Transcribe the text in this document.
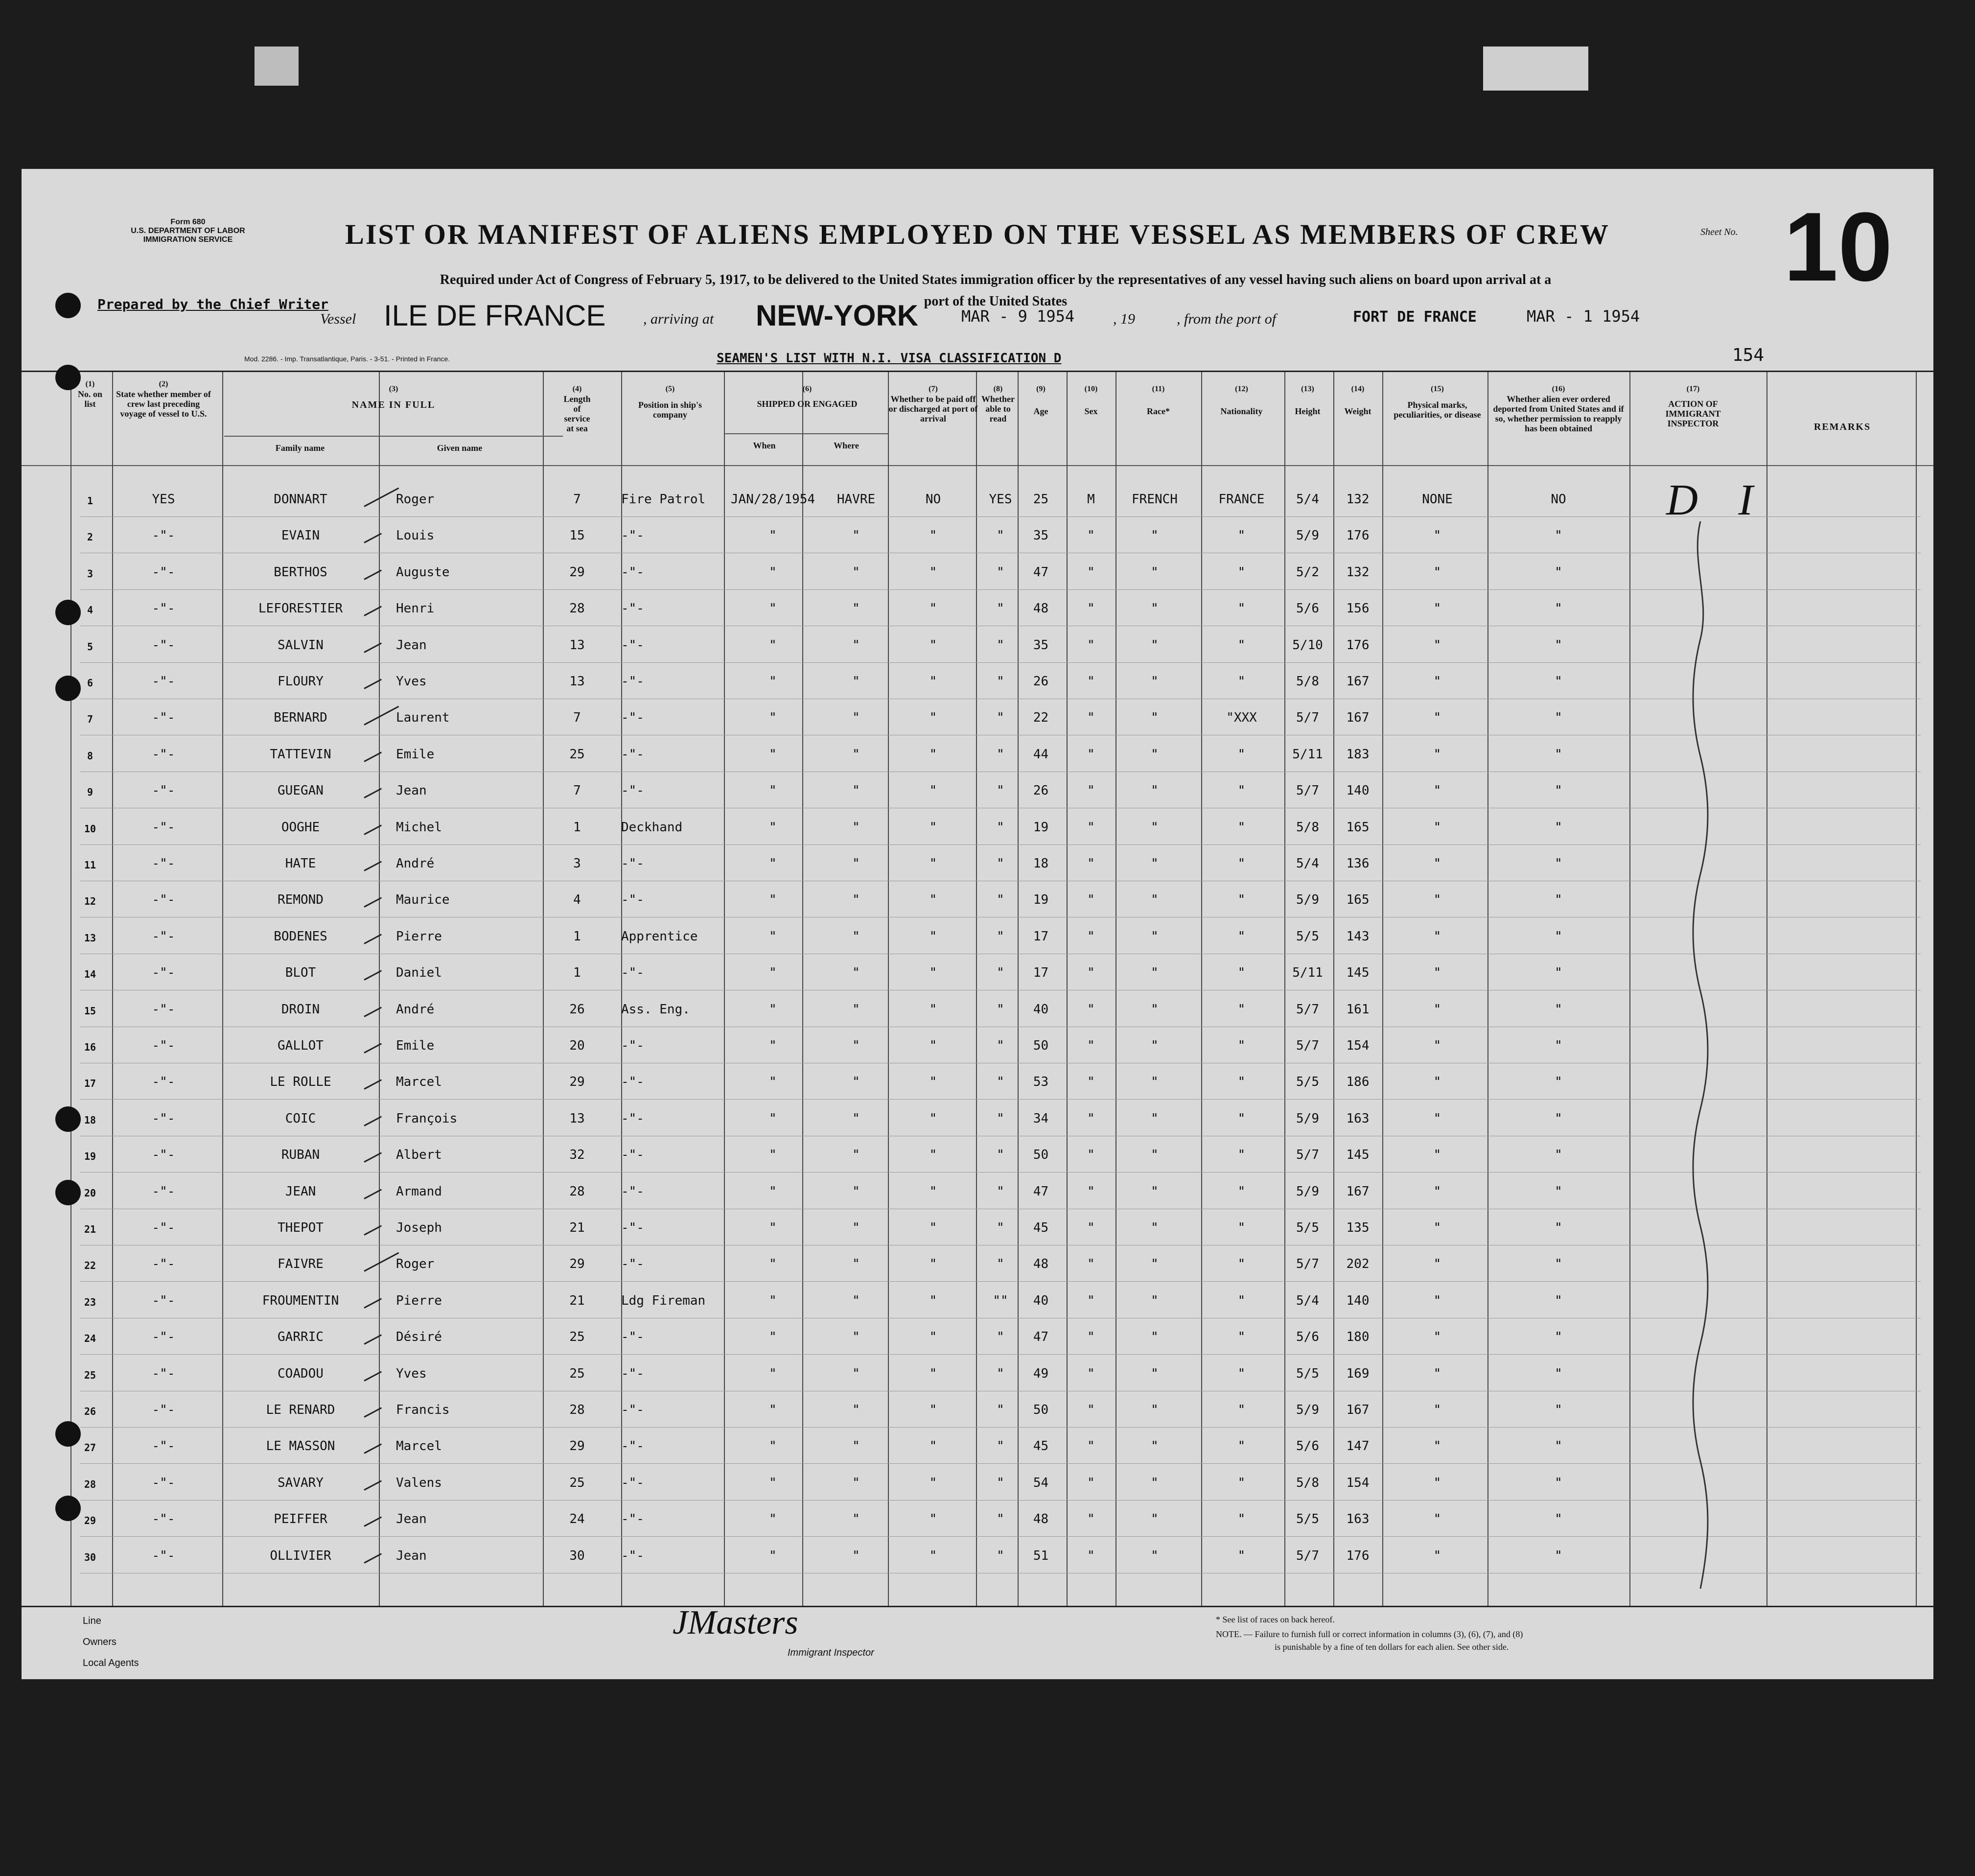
Form 680
U.S. DEPARTMENT OF LABOR
IMMIGRATION SERVICE	LIST OR MANIFEST OF ALIENS EMPLOYED ON THE VESSEL AS MEMBERS OF CREW	Sheet No. 10
Required under Act of Congress of February 5, 1917, to be delivered to the United States immigration officer by the representatives of any vessel having such aliens on board upon arrival at a
port of the United States
Prepared by the Chief Writer
Vessel ILE DE FRANCE	, arriving at NEW-YORK	MAR - 9 1954	, 19	, from the port of	FORT DE FRANCE	MAR - 1 1954
154
Mod. 2286. - Imp. Transatlantique, Paris. - 3-51. - Printed in France.	SEAMEN'S LIST WITH N.I. VISA CLASSIFICATION D
(1)
No. on list
(2)
State whether member of crew last preceding voyage of vessel to U.S.
(3)
NAME IN FULL
Family name	Given name
(4)
Length of service at sea
(5)
Position in ship's company
(6)
SHIPPED OR ENGAGED
When	Where
(7)
Whether to be paid off or discharged at port of arrival
(8)
Whether able to read
(9)
Age
(10)
Sex
(11)
Race*
(12)
Nationality
(13)
Height
(14)
Weight
(15)
Physical marks, peculiarities, or disease
(16)
Whether alien ever ordered deported from United States and if so, whether permission to reapply has been obtained
(17)
ACTION OF IMMIGRANT INSPECTOR	REMARKS
1	YES	DONNART	Roger	7	Fire Patrol	JAN/28/1954	HAVRE	NO	YES	25	M	FRENCH	FRANCE	5/4	132	NONE	NO
2	-"-	EVAIN	Louis	15	-"-	"	"	"	"	35	"	"	"	5/9	176	"	"
3	-"-	BERTHOS	Auguste	29	-"-	"	"	"	"	47	"	"	"	5/2	132	"	"
4	-"-	LEFORESTIER	Henri	28	-"-	"	"	"	"	48	"	"	"	5/6	156	"	"
5	-"-	SALVIN	Jean	13	-"-	"	"	"	"	35	"	"	"	5/10	176	"	"
6	-"-	FLOURY	Yves	13	-"-	"	"	"	"	26	"	"	"	5/8	167	"	"
7	-"-	BERNARD	Laurent	7	-"-	"	"	"	"	22	"	"	"XXX	5/7	167	"	"
8	-"-	TATTEVIN	Emile	25	-"-	"	"	"	"	44	"	"	"	5/11	183	"	"
9	-"-	GUEGAN	Jean	7	-"-	"	"	"	"	26	"	"	"	5/7	140	"	"
10	-"-	OOGHE	Michel	1	Deckhand	"	"	"	"	19	"	"	"	5/8	165	"	"
11	-"-	HATE	André	3	-"-	"	"	"	"	18	"	"	"	5/4	136	"	"
12	-"-	REMOND	Maurice	4	-"-	"	"	"	"	19	"	"	"	5/9	165	"	"
13	-"-	BODENES	Pierre	1	Apprentice	"	"	"	"	17	"	"	"	5/5	143	"	"
14	-"-	BLOT	Daniel	1	-"-	"	"	"	"	17	"	"	"	5/11	145	"	"
15	-"-	DROIN	André	26	Ass. Eng.	"	"	"	"	40	"	"	"	5/7	161	"	"
16	-"-	GALLOT	Emile	20	-"-	"	"	"	"	50	"	"	"	5/7	154	"	"
17	-"-	LE ROLLE	Marcel	29	-"-	"	"	"	"	53	"	"	"	5/5	186	"	"
18	-"-	COIC	François	13	-"-	"	"	"	"	34	"	"	"	5/9	163	"	"
19	-"-	RUBAN	Albert	32	-"-	"	"	"	"	50	"	"	"	5/7	145	"	"
20	-"-	JEAN	Armand	28	-"-	"	"	"	"	47	"	"	"	5/9	167	"	"
21	-"-	THEPOT	Joseph	21	-"-	"	"	"	"	45	"	"	"	5/5	135	"	"
22	-"-	FAIVRE	Roger	29	-"-	"	"	"	"	48	"	"	"	5/7	202	"	"
23	-"-	FROUMENTIN	Pierre	21	Ldg Fireman	"	"	"	""	40	"	"	"	5/4	140	"	"
24	-"-	GARRIC	Désiré	25	-"-	"	"	"	"	47	"	"	"	5/6	180	"	"
25	-"-	COADOU	Yves	25	-"-	"	"	"	"	49	"	"	"	5/5	169	"	"
26	-"-	LE RENARD	Francis	28	-"-	"	"	"	"	50	"	"	"	5/9	167	"	"
27	-"-	LE MASSON	Marcel	29	-"-	"	"	"	"	45	"	"	"	5/6	147	"	"
28	-"-	SAVARY	Valens	25	-"-	"	"	"	"	54	"	"	"	5/8	154	"	"
29	-"-	PEIFFER	Jean	24	-"-	"	"	"	"	48	"	"	"	5/5	163	"	"
30	-"-	OLLIVIER	Jean	30	-"-	"	"	"	"	51	"	"	"	5/7	176	"	"
D I
Line
Owners
Local Agents
JMasters
Immigrant Inspector
* See list of races on back hereof.
NOTE. — Failure to furnish full or correct information in columns (3), (6), (7), and (8)
is punishable by a fine of ten dollars for each alien. See other side.
